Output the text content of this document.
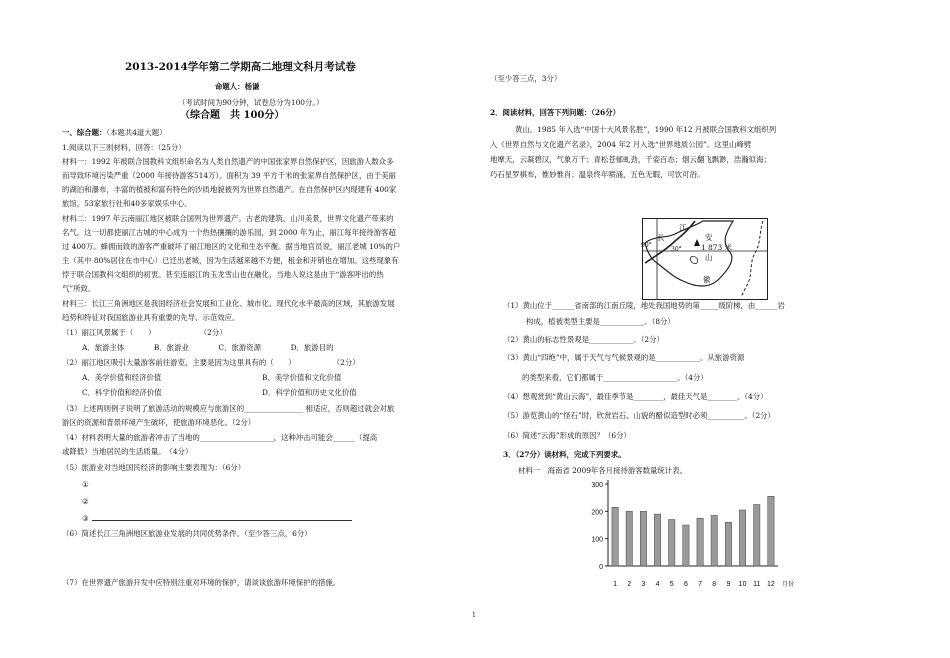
2013-2014学年第二学期高二地理文科月考试卷
命题人：杨谦
（考试时间为90分钟，试卷总分为100分。）
（综合题　共 100分）
一、综合题：（本题共4道大题）
1.阅读以下三则材料，回答：（25分）
材料一：1992 年被联合国教科文组织命名为人类自然遗产的中国张家界自然保护区，因旅游人数众多
而导致环境污染严重（2000 年接待游客514万）。面积为 39 平方千米的张家界自然保护区，由于美丽
的湖泊和瀑布，丰富的植被和富有特色的沙质地貌被列为世界自然遗产。在自然保护区内现建有 400家
旅馆，53家旅行社和40多家娱乐中心。
材料二：1997 年云南丽江地区被联合国列为世界遗产。古老的建筑、山川美景，世界文化遗产带来的
名气。这一切都使丽江古城的中心成为一个热热攘攘的游乐园，到 2000 年为止，丽江每年接待游客超
过 400万。蜂拥而致的游客严重破坏了丽江地区的文化和生态平衡。据当地官员说，丽江老城 10%的户
主（其中 80%居住在市中心）已迁出老城，因为生活越来越不方便，租金和开销也在增加。这些现象有
悖于联合国教科文组织的初衷。甚至连丽江的玉龙雪山也在融化，当地人说这是由于“游客呼出的热
气”所致。
材料三：长江三角洲地区是我国经济社会发展和工业化、城市化、现代化水平最高的区域，其旅游发展
趋势和特征对我国旅游业具有重要的先导、示范效应。
（1）丽江风景属于（　　）　　　　　　　（2分）
A．旅游主体　　　　B．旅游业　　　　C．旅游资源　　　　D．旅游目的
（2）丽江地区吸引大量游客前往游览，主要是因为这里具有的（　　）　　　　　　（2分）
A．美学价值和经济价值	B．美学价值和文化价值
C．科学价值和经济价值	D．科学价值和历史文化价值
（3）上述两则例子说明了旅游活动的规模应与旅游区的________________ 相适应，否则超过就会对旅
游区的资源和背景环境产生破坏，使旅游环境恶化。（2分）
（4）材料表明大量的旅游者冲击了当地的____________________，这种冲击可能会______（提高
或降低）当地居民的生活质量。　（4分）
（5）旅游业对当地国民经济的影响主要表现为：（6分）
①
②
③
（6）简述长江三角洲地区旅游业发展的共同优势条件。（至少答三点，6分）
（7）在世界遗产旅游开发中应特别注重对环境的保护，请谈谈旅游环境保护的措施。
（至少答三点，3分）
2．阅读材料，回答下列问题：（26分）
黄山，1985 年入选“中国十大风景名胜”，1990 年12 月被联合国教科文组织列
入《世界自然与文化遗产名录》，2004 年2 月入选“世界地质公园”。这里山峰劈
地摩天，云凝碧汉，气象万千；青松苍郁虬劲，千姿百态；烟云翻飞飘渺，浩瀚似海；
巧石星罗棋布，惟妙惟肖；温泉终年喷涌，五色无暇，可饮可浴。
江
长	安
1 873 米
山
徽
90°
30°
（1）黄山位于______省南部的江南丘陵，地处我国地势的第_____级阶梯，由______岩
构成，植被类型主要是____________。（8分）
（2）黄山的标志性景观是____________。（2分）
（3）黄山“四绝”中，属于天气与气候景观的是____________。从旅游资源
的类型来看，它们都属于____________________。（4分）
（4）想观赏到“黄山云海”，最佳季节是________，最佳天气是________。（4分）
（5）游览黄山的“怪石”时，欣赏岩石、山貌的醋似造型时必须__________。（2分）
（6）简述“云海”形成的原因？（6分）
3．（27分）读材料，完成下列要求。
材料一　海南省 2009年各月接待游客数量统计表。
0
100
200
300
1 2 3 4 5 6 7 8 9 10 11 12 月份
1
